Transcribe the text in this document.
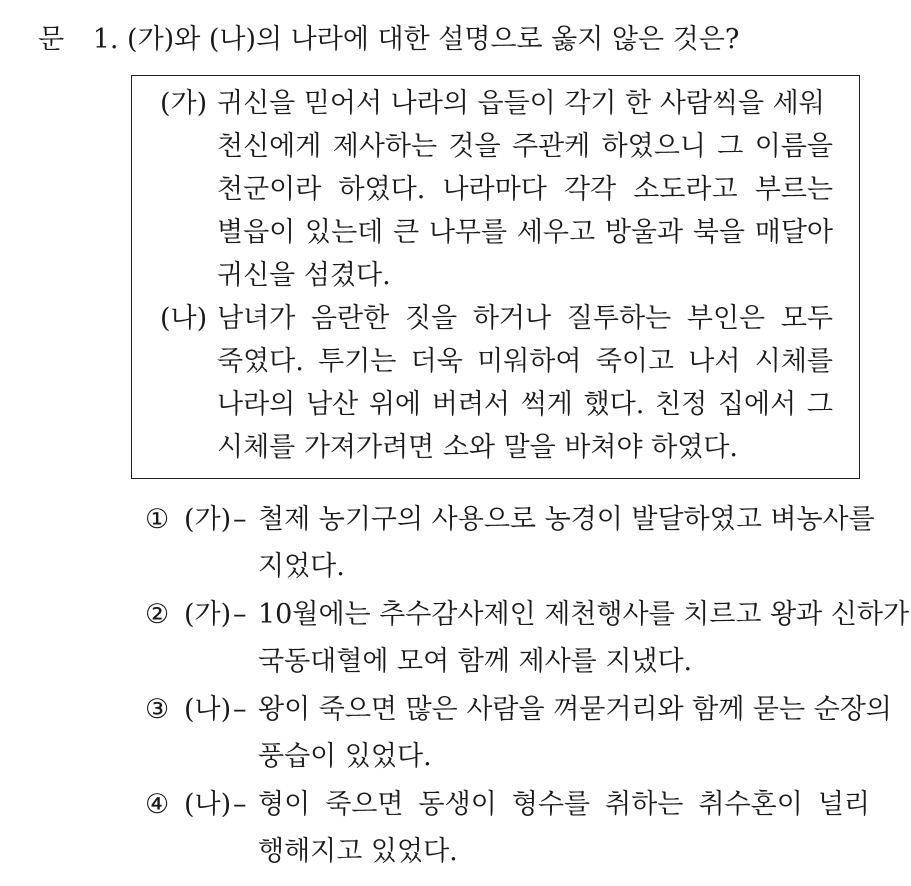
문 1. (가)와 (나)의 나라에 대한 설명으로 옳지 않은 것은?
(가) 귀신을 믿어서 나라의 읍들이 각기 한 사람씩을 세워
천신에게 제사하는 것을 주관케 하였으니 그 이름을
천군이라 하였다. 나라마다 각각 소도라고 부르는
별읍이 있는데 큰 나무를 세우고 방울과 북을 매달아
귀신을 섬겼다.
(나) 남녀가 음란한 짓을 하거나 질투하는 부인은 모두
죽였다. 투기는 더욱 미워하여 죽이고 나서 시체를
나라의 남산 위에 버려서 썩게 했다. 친정 집에서 그
시체를 가져가려면 소와 말을 바쳐야 하였다.
① (가) – 철제 농기구의 사용으로 농경이 발달하였고 벼농사를
지었다.
② (가) – 10월에는 추수감사제인 제천행사를 치르고 왕과 신하가
국동대혈에 모여 함께 제사를 지냈다.
③ (나) – 왕이 죽으면 많은 사람을 껴묻거리와 함께 묻는 순장의
풍습이 있었다.
④ (나) – 형이 죽으면 동생이 형수를 취하는 취수혼이 널리
행해지고 있었다.
